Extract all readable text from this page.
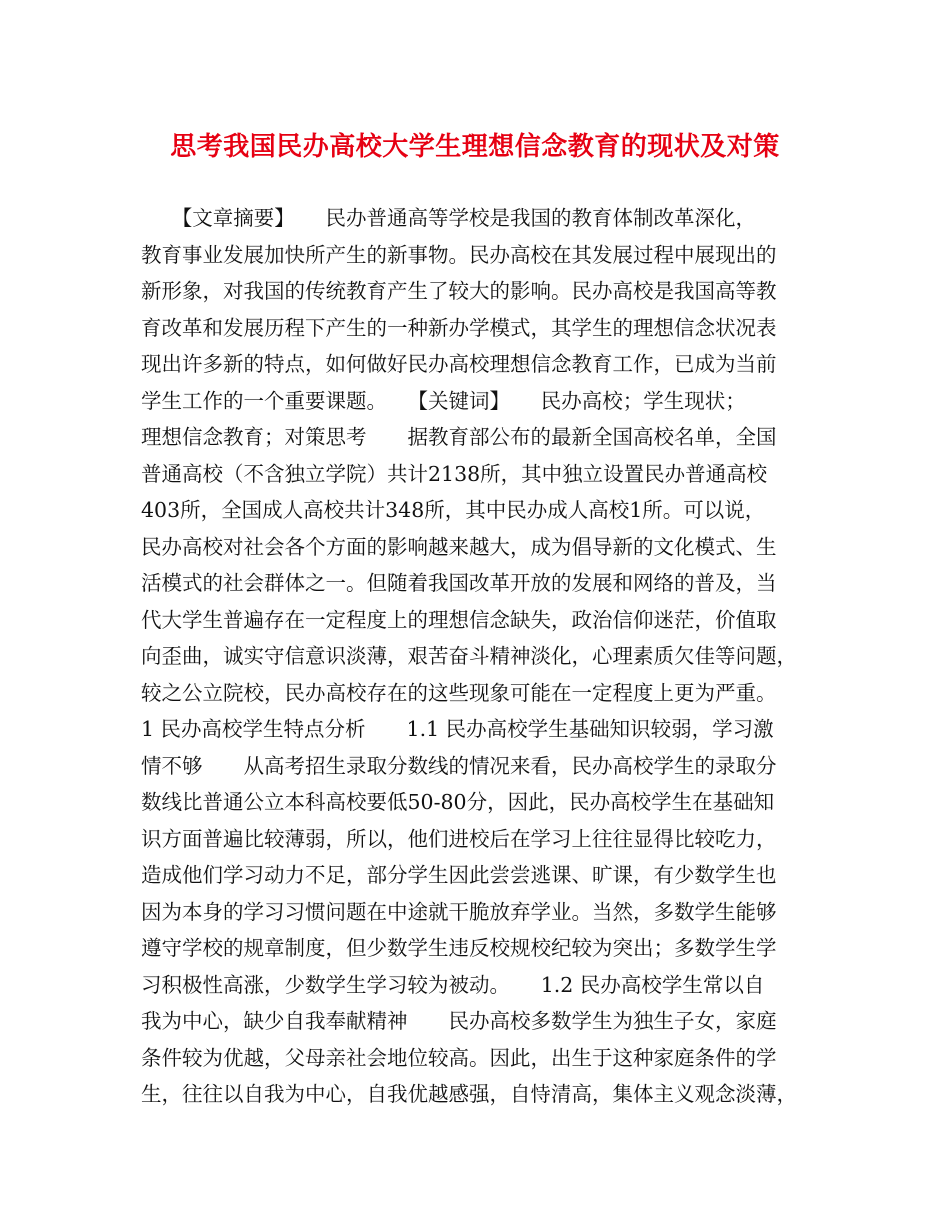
思考我国民办高校大学生理想信念教育的现状及对策
　　【文章摘要】　　民办普通高等学校是我国的教育体制改革深化，
教育事业发展加快所产生的新事物。民办高校在其发展过程中展现出的
新形象，对我国的传统教育产生了较大的影响。民办高校是我国高等教
育改革和发展历程下产生的一种新办学模式，其学生的理想信念状况表
现出许多新的特点，如何做好民办高校理想信念教育工作，已成为当前
学生工作的一个重要课题。　　【关键词】　　民办高校；学生现状；
理想信念教育；对策思考　　据教育部公布的最新全国高校名单，全国
普通高校（不含独立学院）共计2138所，其中独立设置民办普通高校
403所，全国成人高校共计348所，其中民办成人高校1所。可以说，
民办高校对社会各个方面的影响越来越大，成为倡导新的文化模式、生
活模式的社会群体之一。但随着我国改革开放的发展和网络的普及，当
代大学生普遍存在一定程度上的理想信念缺失，政治信仰迷茫，价值取
向歪曲，诚实守信意识淡薄，艰苦奋斗精神淡化，心理素质欠佳等问题，
较之公立院校，民办高校存在的这些现象可能在一定程度上更为严重。
1 民办高校学生特点分析　　1.1 民办高校学生基础知识较弱，学习激
情不够　　从高考招生录取分数线的情况来看，民办高校学生的录取分
数线比普通公立本科高校要低50-80分，因此，民办高校学生在基础知
识方面普遍比较薄弱，所以，他们进校后在学习上往往显得比较吃力，
造成他们学习动力不足，部分学生因此尝尝逃课、旷课，有少数学生也
因为本身的学习习惯问题在中途就干脆放弃学业。当然，多数学生能够
遵守学校的规章制度，但少数学生违反校规校纪较为突出；多数学生学
习积极性高涨，少数学生学习较为被动。　　1.2 民办高校学生常以自
我为中心，缺少自我奉献精神　　民办高校多数学生为独生子女，家庭
条件较为优越，父母亲社会地位较高。因此，出生于这种家庭条件的学
生，往往以自我为中心，自我优越感强，自恃清高，集体主义观念淡薄，
